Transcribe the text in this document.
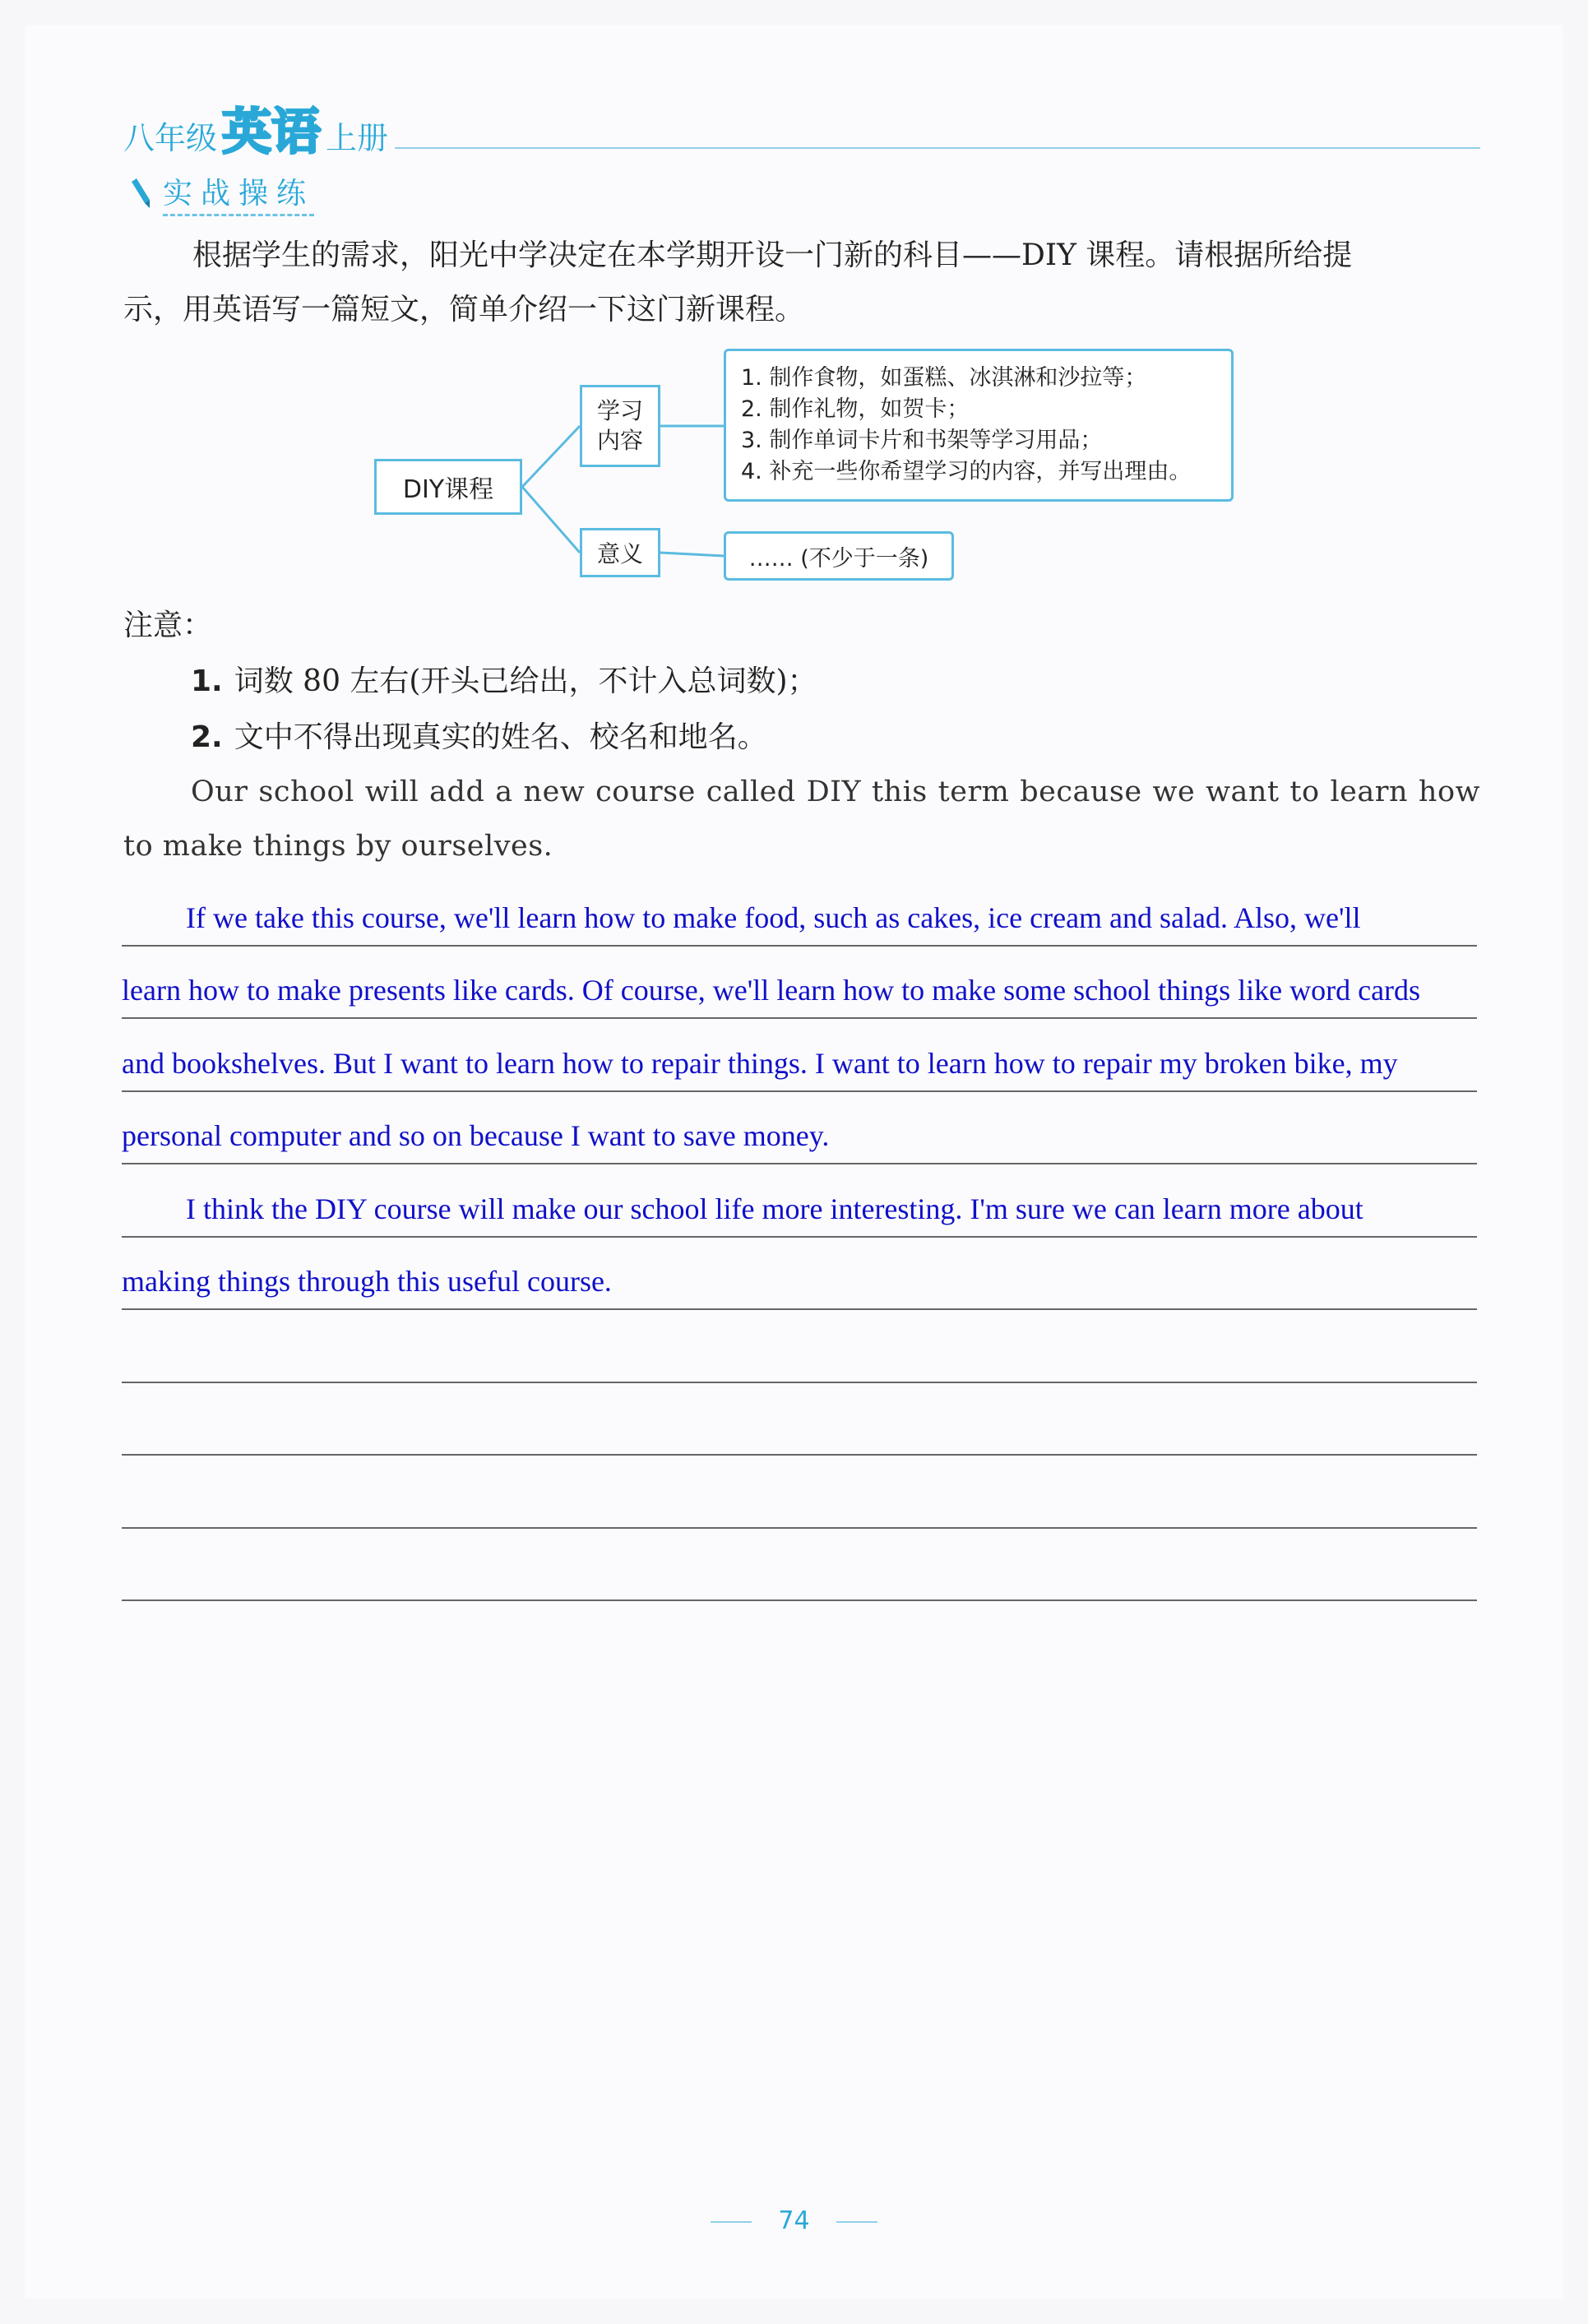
八年级 英语 上册
实战操练

根据学生的需求，阳光中学决定在本学期开设一门新的科目——DIY 课程。请根据所给提

示，用英语写一篇短文，简单介绍一下这门新课程。
DIY课程
学习
内容
意义
1. 制作食物，如蛋糕、冰淇淋和沙拉等；
2. 制作礼物，如贺卡；
3. 制作单词卡片和书架等学习用品；
4. 补充一些你希望学习的内容，并写出理由。
…… (不少于一条)
注意：
1. 词数 80 左右(开头已给出，不计入总词数)；
2. 文中不得出现真实的姓名、校名和地名。

Our school will add a new course called DIY this term because we want to learn how to make things by ourselves.

If we take this course, we'll learn how to make food, such as cakes, ice cream and salad. Also, we'll
learn how to make presents like cards. Of course, we'll learn how to make some school things like word cards
and bookshelves. But I want to learn how to repair things. I want to learn how to repair my broken bike, my
personal computer and so on because I want to save money.
I think the DIY course will make our school life more interesting. I'm sure we can learn more about
making things through this useful course.
74
